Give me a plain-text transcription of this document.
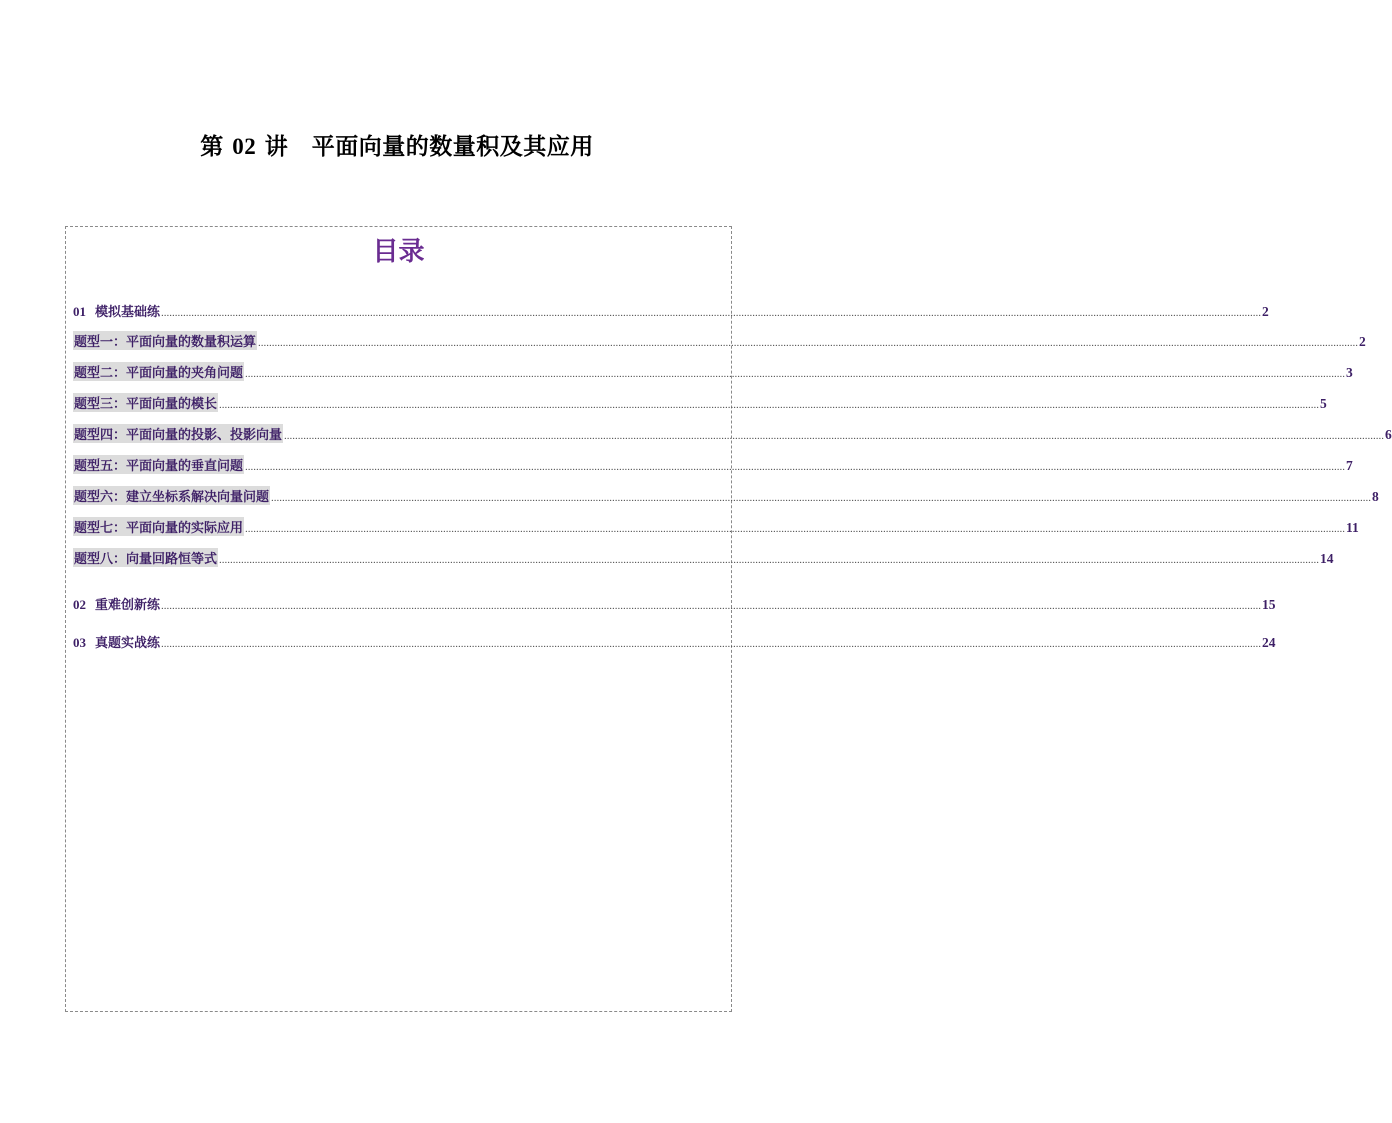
第 02 讲　平面向量的数量积及其应用
目录
01 模拟基础练 ................................................................................................................................................................................................................................................................................................................................................................................................................ 2
题型一：平面向量的数量积运算 ................................................................................................................................................................................................................................................................................................................................................................................................................ 2
题型二：平面向量的夹角问题 ................................................................................................................................................................................................................................................................................................................................................................................................................ 3
题型三：平面向量的模长 ................................................................................................................................................................................................................................................................................................................................................................................................................ 5
题型四：平面向量的投影、投影向量 ................................................................................................................................................................................................................................................................................................................................................................................................................ 6
题型五：平面向量的垂直问题 ................................................................................................................................................................................................................................................................................................................................................................................................................ 7
题型六：建立坐标系解决向量问题 ................................................................................................................................................................................................................................................................................................................................................................................................................ 8
题型七：平面向量的实际应用 ................................................................................................................................................................................................................................................................................................................................................................................................................ 11
题型八：向量回路恒等式 ................................................................................................................................................................................................................................................................................................................................................................................................................ 14
02 重难创新练 ................................................................................................................................................................................................................................................................................................................................................................................................................ 15
03 真题实战练 ................................................................................................................................................................................................................................................................................................................................................................................................................ 24
